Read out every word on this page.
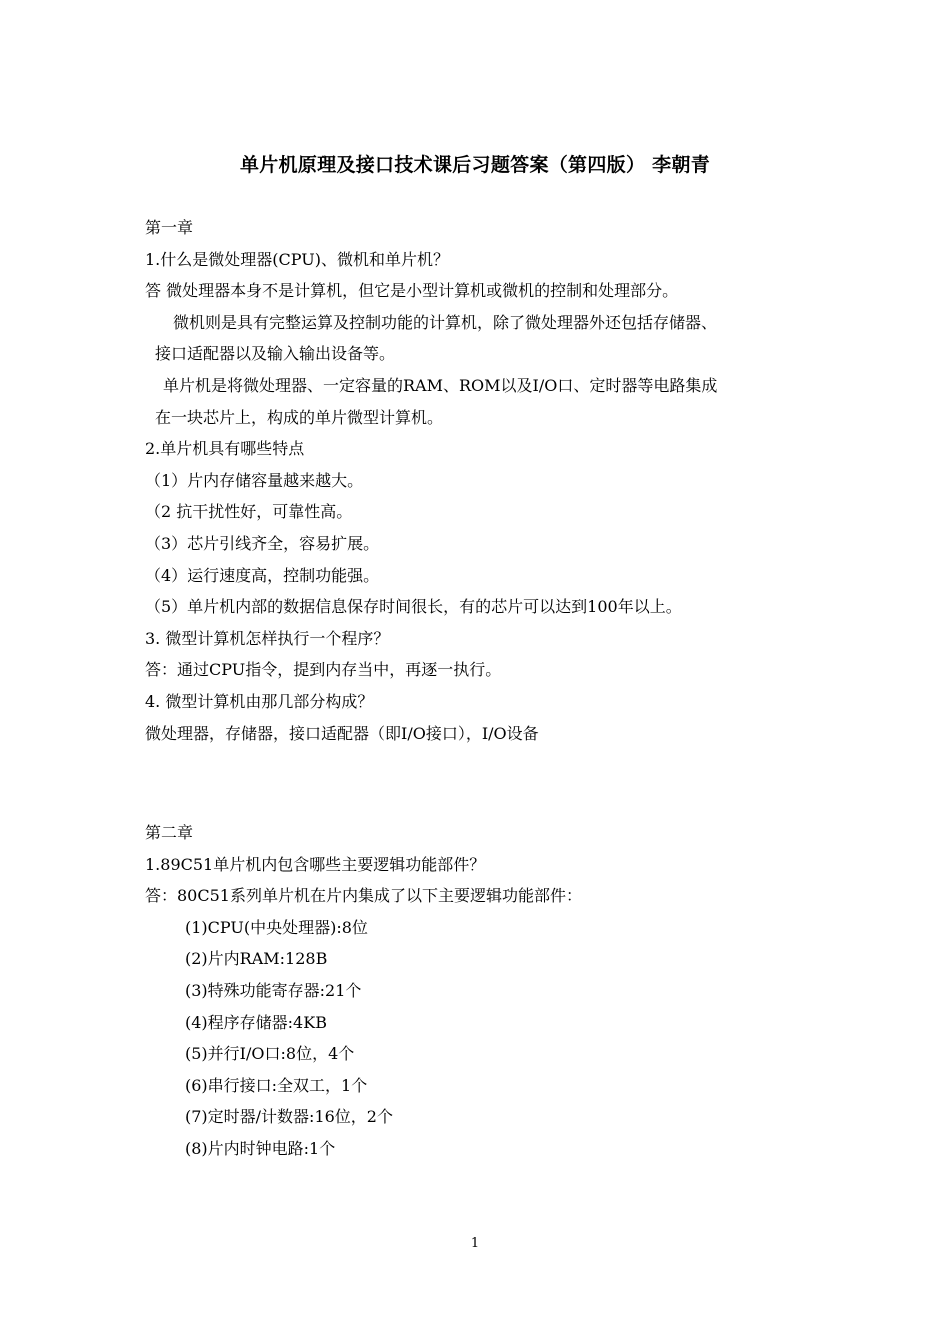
单片机原理及接口技术课后习题答案（第四版） 李朝青
第一章
1.什么是微处理器(CPU)、微机和单片机？
答 微处理器本身不是计算机，但它是小型计算机或微机的控制和处理部分。
微机则是具有完整运算及控制功能的计算机，除了微处理器外还包括存储器、
接口适配器以及输入输出设备等。
单片机是将微处理器、一定容量的RAM、ROM以及I/O口、定时器等电路集成
在一块芯片上，构成的单片微型计算机。
2.单片机具有哪些特点
（1）片内存储容量越来越大。
（2 抗干扰性好，可靠性高。
（3）芯片引线齐全，容易扩展。
（4）运行速度高，控制功能强。
（5）单片机内部的数据信息保存时间很长，有的芯片可以达到100年以上。
3. 微型计算机怎样执行一个程序？
答：通过CPU指令，提到内存当中，再逐一执行。
4. 微型计算机由那几部分构成？
微处理器，存储器，接口适配器（即I/O接口），I/O设备
第二章
1.89C51单片机内包含哪些主要逻辑功能部件？
答：80C51系列单片机在片内集成了以下主要逻辑功能部件：
(1)CPU(中央处理器):8位
(2)片内RAM:128B
(3)特殊功能寄存器:21个
(4)程序存储器:4KB
(5)并行I/O口:8位，4个
(6)串行接口:全双工，1个
(7)定时器/计数器:16位，2个
(8)片内时钟电路:1个
1
